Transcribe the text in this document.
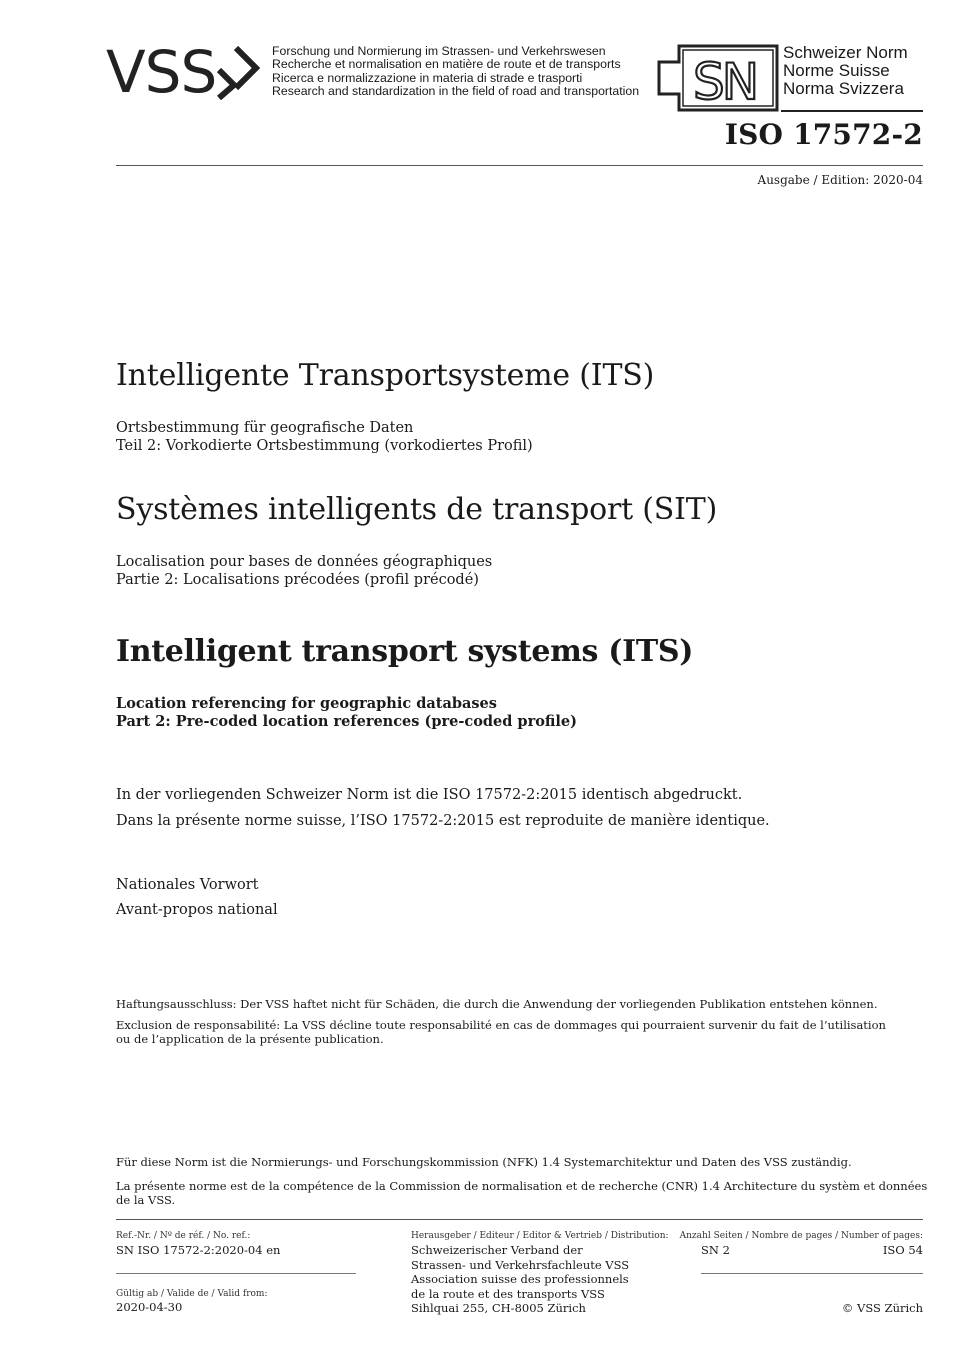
VSS	Forschung und Normierung im Strassen- und Verkehrswesen
Recherche et normalisation en matière de route et de transports
Ricerca e normalizzazione in materia di strade e trasporti
Research and standardization in the field of road and transportation SN
Schweizer Norm
Norme Suisse
Norma Svizzera
ISO 17572-2
Ausgabe / Edition: 2020-04
Intelligente Transportsysteme (ITS)
Ortsbestimmung für geografische Daten
Teil 2: Vorkodierte Ortsbestimmung (vorkodiertes Profil)
Systèmes intelligents de transport (SIT)
Localisation pour bases de données géographiques
Partie 2: Localisations précodées (profil précodé)
Intelligent transport systems (ITS)
Location referencing for geographic databases
Part 2: Pre-coded location references (pre-coded profile)
In der vorliegenden Schweizer Norm ist die ISO 17572-2:2015 identisch abgedruckt.
Dans la présente norme suisse, l’ISO 17572-2:2015 est reproduite de manière identique.
Nationales Vorwort
Avant-propos national
Haftungsausschluss: Der VSS haftet nicht für Schäden, die durch die Anwendung der vorliegenden Publikation entstehen können.
Exclusion de responsabilité: La VSS décline toute responsabilité en cas de dommages qui pourraient survenir du fait de l’utilisation
ou de l’application de la présente publication.
Für diese Norm ist die Normierungs- und Forschungskommission (NFK) 1.4 Systemarchitektur und Daten des VSS zuständig.
La présente norme est de la compétence de la Commission de normalisation et de recherche (CNR) 1.4 Architecture du systèm et données
de la VSS.
Ref.-Nr. / Nº de réf. / No. ref.:
SN ISO 17572-2:2020-04 en
Gültig ab / Valide de / Valid from:
2020-04-30
Herausgeber / Editeur / Editor & Vertrieb / Distribution:
Schweizerischer Verband der
Strassen- und Verkehrsfachleute VSS
Association suisse des professionnels
de la route et des transports VSS
Sihlquai 255, CH-8005 Zürich
Anzahl Seiten / Nombre de pages / Number of pages:
SN 2	ISO 54
© VSS Zürich
